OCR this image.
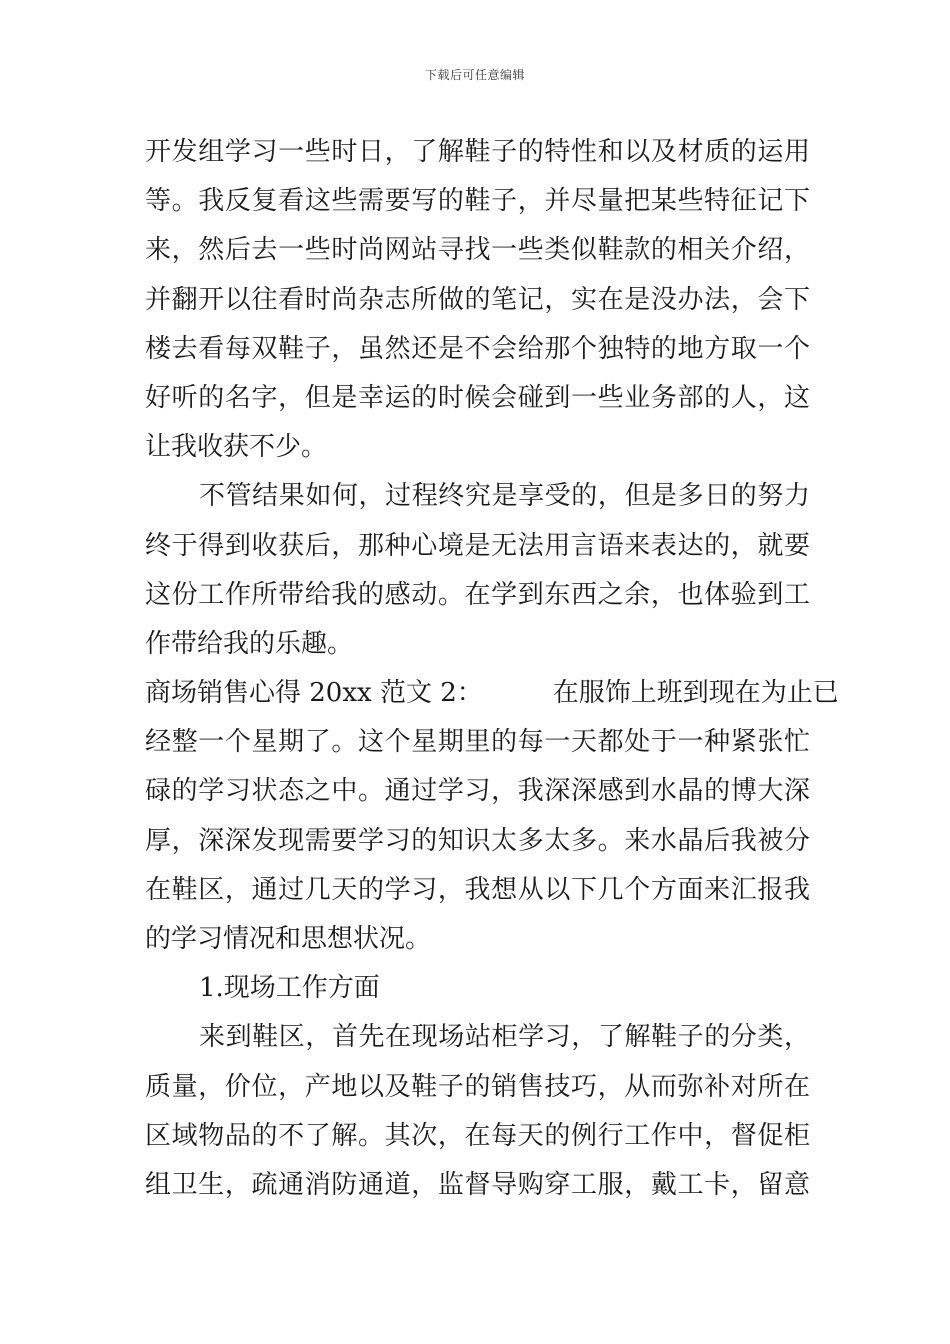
下载后可任意编辑
开发组学习一些时日，了解鞋子的特性和以及材质的运用
等。我反复看这些需要写的鞋子，并尽量把某些特征记下
来，然后去一些时尚网站寻找一些类似鞋款的相关介绍，
并翻开以往看时尚杂志所做的笔记，实在是没办法，会下
楼去看每双鞋子，虽然还是不会给那个独特的地方取一个
好听的名字，但是幸运的时候会碰到一些业务部的人，这
让我收获不少。
不管结果如何，过程终究是享受的，但是多日的努力
终于得到收获后，那种心境是无法用言语来表达的，就要
这份工作所带给我的感动。在学到东西之余，也体验到工
作带给我的乐趣。
商场销售心得 20xx 范文 2：	在服饰上班到现在为止已
经整一个星期了。这个星期里的每一天都处于一种紧张忙
碌的学习状态之中。通过学习，我深深感到水晶的博大深
厚，深深发现需要学习的知识太多太多。来水晶后我被分
在鞋区，通过几天的学习，我想从以下几个方面来汇报我
的学习情况和思想状况。
1.现场工作方面
来到鞋区，首先在现场站柜学习，了解鞋子的分类，
质量，价位，产地以及鞋子的销售技巧，从而弥补对所在
区域物品的不了解。其次，在每天的例行工作中，督促柜
组卫生，疏通消防通道，监督导购穿工服，戴工卡，留意
